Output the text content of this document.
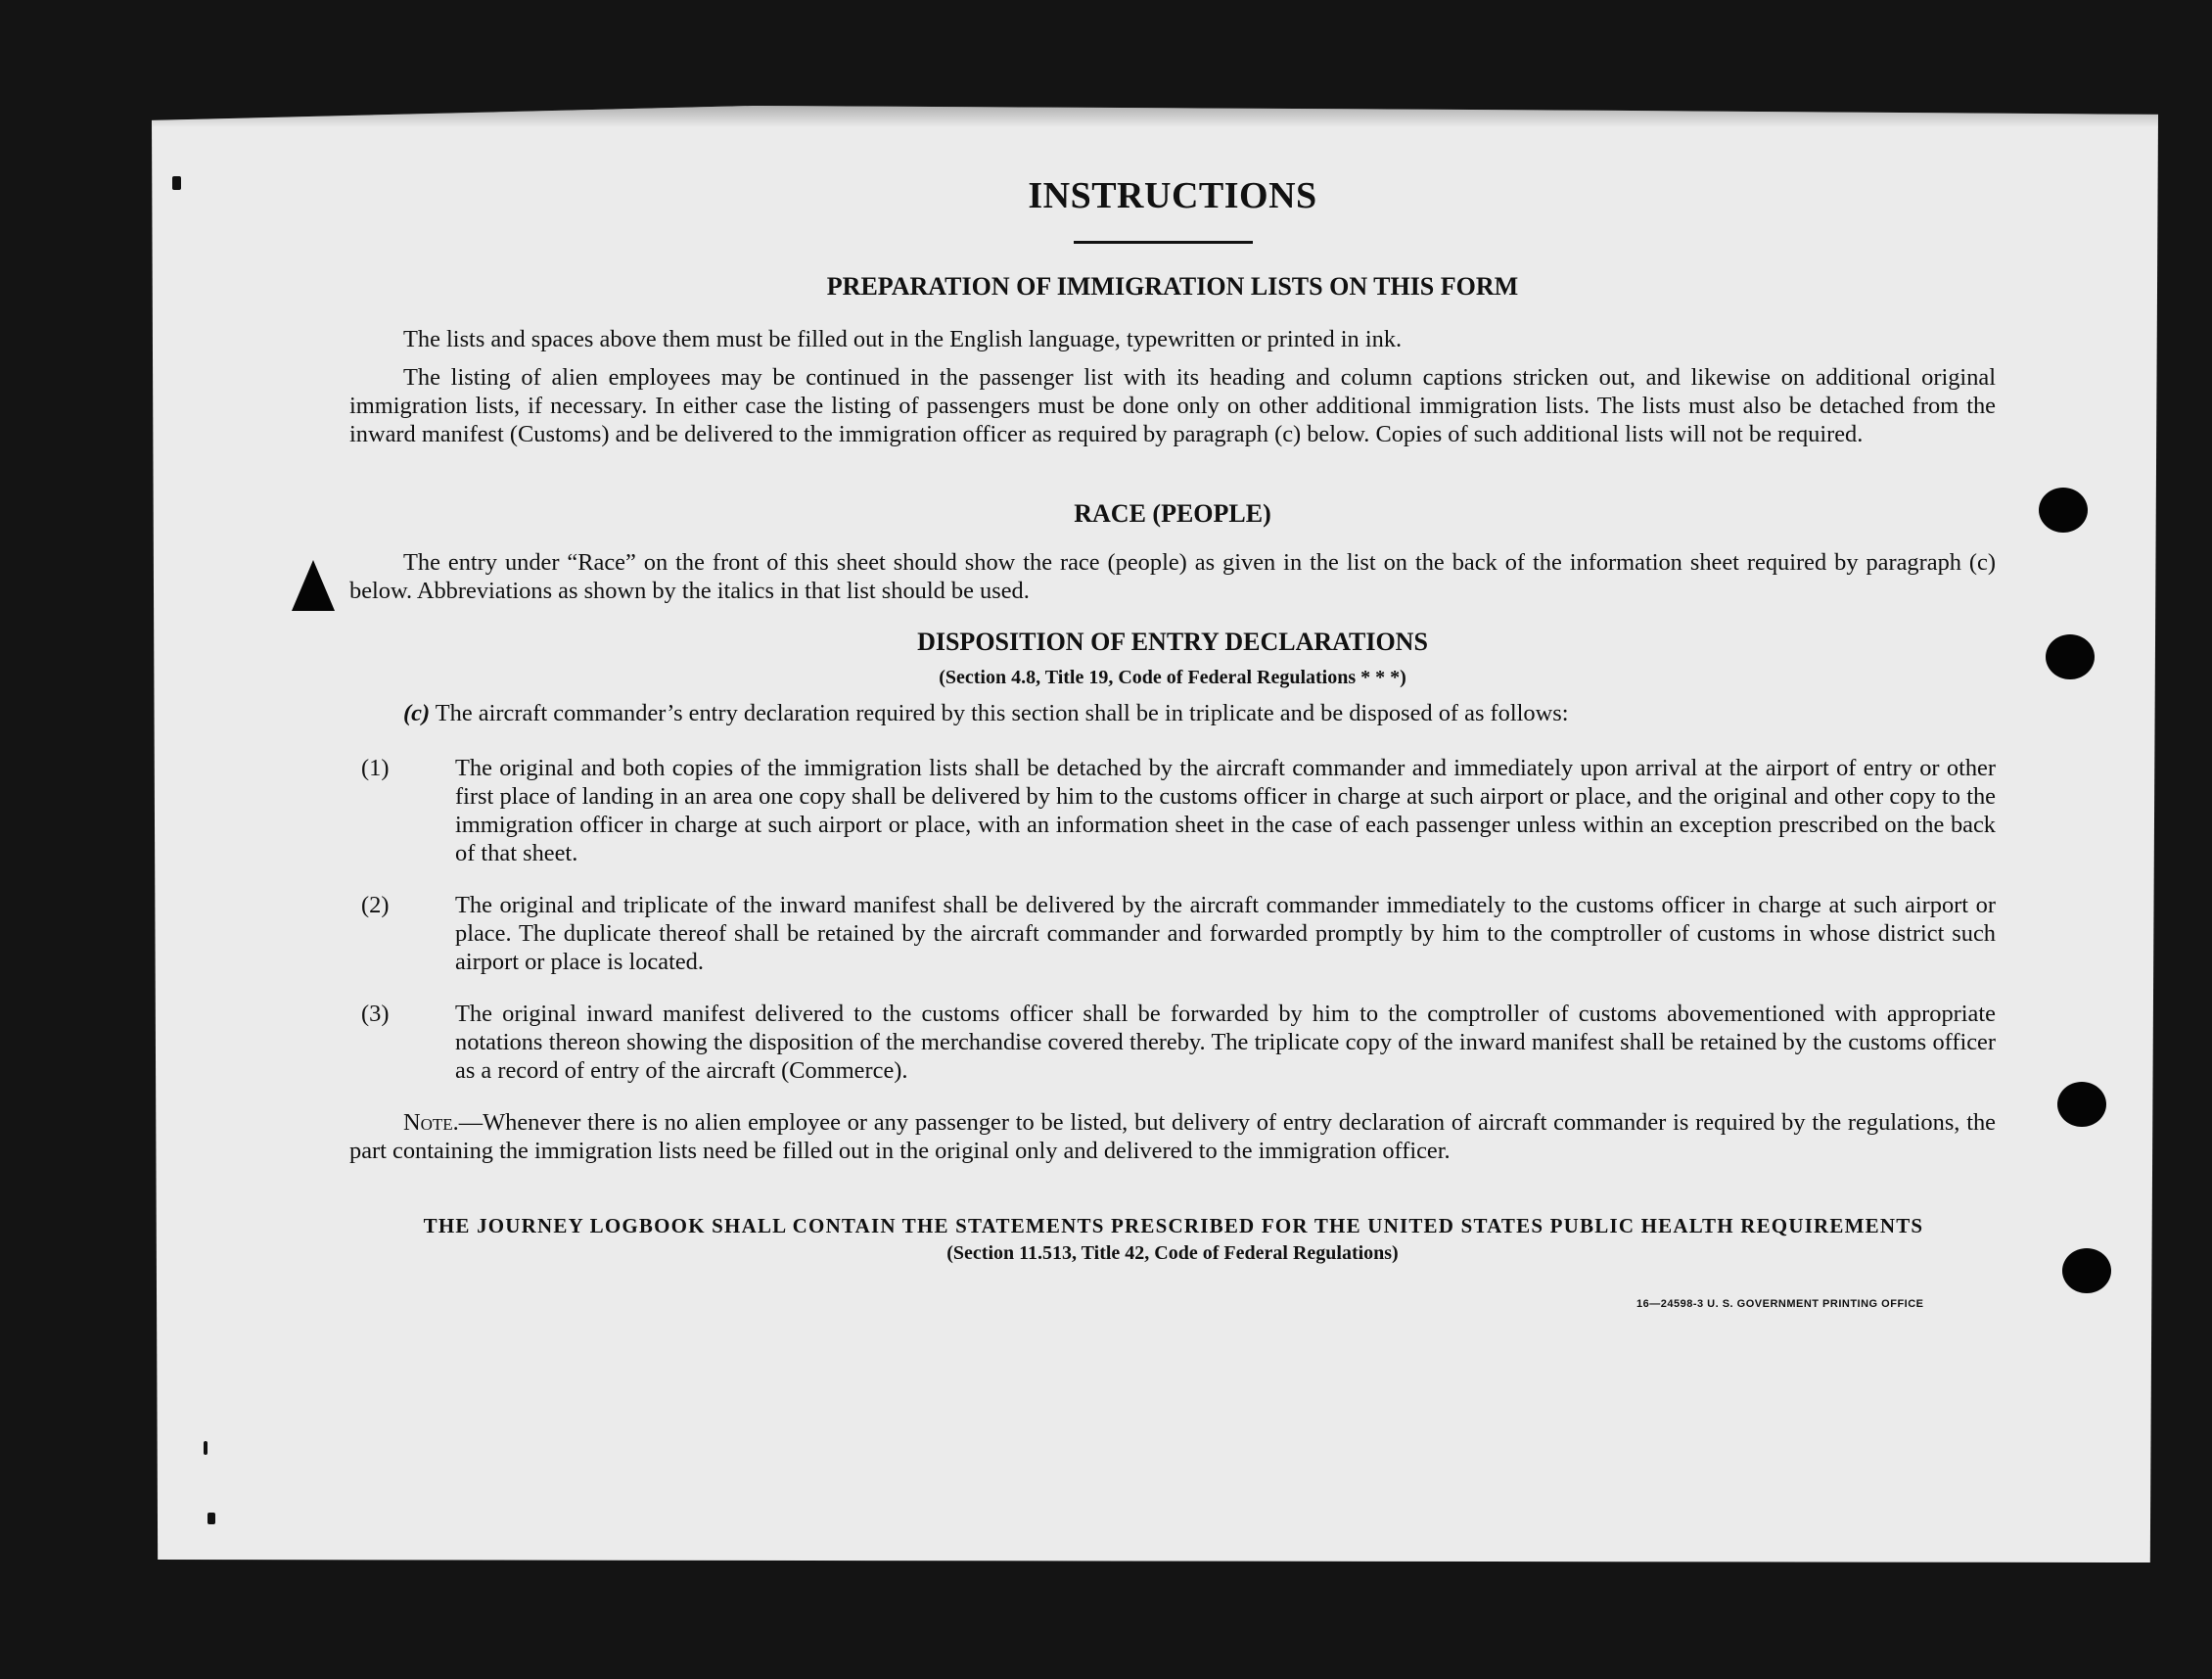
INSTRUCTIONS
PREPARATION OF IMMIGRATION LISTS ON THIS FORM
The lists and spaces above them must be filled out in the English language, typewritten or printed in ink.
The listing of alien employees may be continued in the passenger list with its heading and column captions stricken out, and likewise on additional original immigration lists, if necessary. In either case the listing of passengers must be done only on other additional immigration lists. The lists must also be detached from the inward manifest (Customs) and be delivered to the immigration officer as required by paragraph (c) below. Copies of such additional lists will not be required.
RACE (PEOPLE)
The entry under “Race” on the front of this sheet should show the race (people) as given in the list on the back of the information sheet required by paragraph (c) below. Abbreviations as shown by the italics in that list should be used.
DISPOSITION OF ENTRY DECLARATIONS
(Section 4.8, Title 19, Code of Federal Regulations * * *)
(c) The aircraft commander’s entry declaration required by this section shall be in triplicate and be disposed of as follows:
(1)	The original and both copies of the immigration lists shall be detached by the aircraft commander and immediately upon arrival at the airport of entry or other first place of landing in an area one copy shall be delivered by him to the customs officer in charge at such airport or place, and the original and other copy to the immigration officer in charge at such airport or place, with an information sheet in the case of each passenger unless within an exception prescribed on the back of that sheet.
(2)	The original and triplicate of the inward manifest shall be delivered by the aircraft commander immediately to the customs officer in charge at such airport or place. The duplicate thereof shall be retained by the aircraft commander and forwarded promptly by him to the comptroller of customs in whose district such airport or place is located.
(3)	The original inward manifest delivered to the customs officer shall be forwarded by him to the comptroller of customs abovementioned with appropriate notations thereon showing the disposition of the merchandise covered thereby. The triplicate copy of the inward manifest shall be retained by the customs officer as a record of entry of the aircraft (Commerce).
Note.—Whenever there is no alien employee or any passenger to be listed, but delivery of entry declaration of aircraft commander is required by the regulations, the part containing the immigration lists need be filled out in the original only and delivered to the immigration officer.
THE JOURNEY LOGBOOK SHALL CONTAIN THE STATEMENTS PRESCRIBED FOR THE UNITED STATES PUBLIC HEALTH REQUIREMENTS
(Section 11.513, Title 42, Code of Federal Regulations)
16—24598-3 U. S. GOVERNMENT PRINTING OFFICE
